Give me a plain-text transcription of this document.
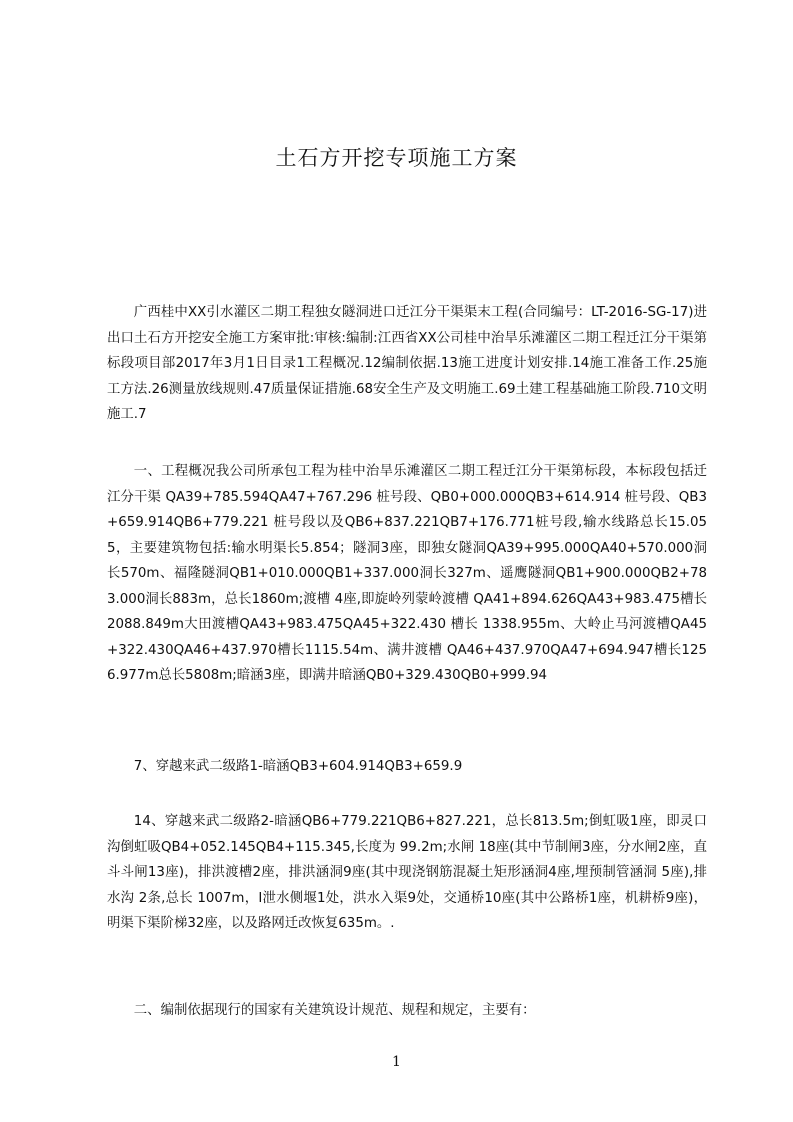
土石方开挖专项施工方案

广西桂中XX引水灌区二期工程独女隧洞进口迁江分干渠渠末工程(合同编号：LT-2016-SG-17)进出口土石方开挖安全施工方案审批:审核:编制:江西省XX公司桂中治旱乐滩灌区二期工程迁江分干渠第标段项目部2017年3月1日目录1工程概况.12编制依据.13施工进度计划安排.14施工准备工作.25施工方法.26测量放线规则.47质量保证措施.68安全生产及文明施工.69土建工程基础施工阶段.710文明施工.7

一、工程概况我公司所承包工程为桂中治旱乐滩灌区二期工程迁江分干渠第标段，本标段包括迁江分干渠 QA39+785.594QA47+767.296 桩号段、QB0+000.000QB3+614.914 桩号段、QB3+659.914QB6+779.221 桩号段以及QB6+837.221QB7+176.771桩号段,输水线路总长15.055，主要建筑物包括:输水明渠长5.854；隧洞3座，即独女隧洞QA39+995.000QA40+570.000洞长570m、福隆隧洞QB1+010.000QB1+337.000洞长327m、遥鹰隧洞QB1+900.000QB2+783.000洞长883m，总长1860m;渡槽 4座,即旋岭列蒙岭渡槽 QA41+894.626QA43+983.475槽长2088.849m大田渡槽QA43+983.475QA45+322.430 槽长 1338.955m、大岭止马河渡槽QA45+322.430QA46+437.970槽长1115.54m、满井渡槽 QA46+437.970QA47+694.947槽长1256.977m总长5808m;暗涵3座，即满井暗涵QB0+329.430QB0+999.94

7、穿越来武二级路1-暗涵QB3+604.914QB3+659.9

14、穿越来武二级路2-暗涵QB6+779.221QB6+827.221，总长813.5m;倒虹吸1座，即灵口沟倒虹吸QB4+052.145QB4+115.345,长度为 99.2m;水闸 18座(其中节制闸3座，分水闸2座，直斗斗闸13座)，排洪渡槽2座，排洪涵洞9座(其中现浇钢筋混凝土矩形涵洞4座,埋预制管涵洞 5座),排水沟 2条,总长 1007m，I泄水侧堰1处，洪水入渠9处，交通桥10座(其中公路桥1座，机耕桥9座)，明渠下渠阶梯32座，以及路网迁改恢复635m。.

二、编制依据现行的国家有关建筑设计规范、规程和规定，主要有：

1
